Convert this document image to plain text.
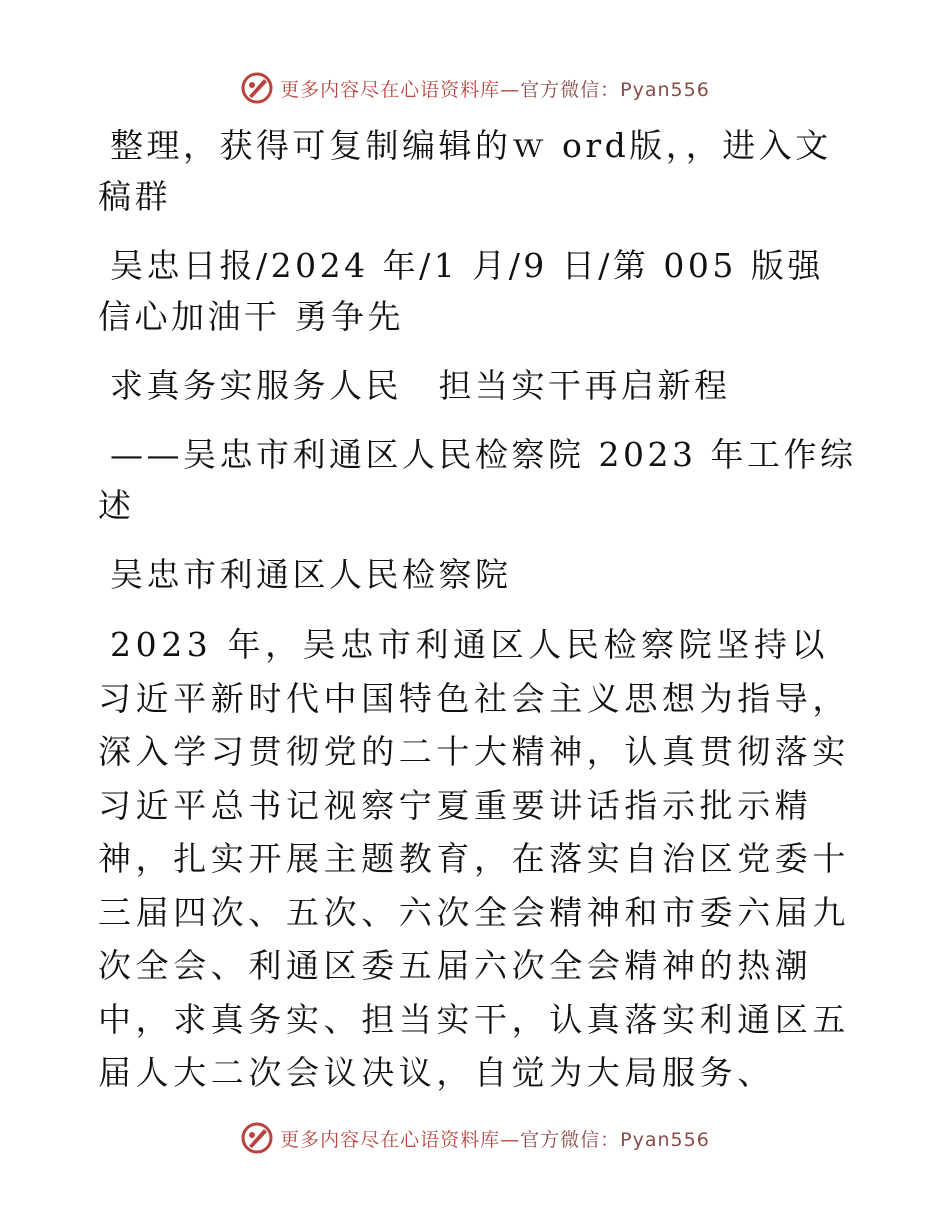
更多内容尽在心语资料库—官方微信：Pyan556

整理，获得可复制编辑的ｗ ord版，，进入文稿群

吴忠日报/2024 年/1 月/9 日/第 005 版强信心加油干 勇争先

求真务实服务人民　担当实干再启新程

——吴忠市利通区人民检察院 2023 年工作综述

吴忠市利通区人民检察院

2023 年，吴忠市利通区人民检察院坚持以习近平新时代中国特色社会主义思想为指导，深入学习贯彻党的二十大精神，认真贯彻落实习近平总书记视察宁夏重要讲话指示批示精神，扎实开展主题教育，在落实自治区党委十三届四次、五次、六次全会精神和市委六届九次全会、利通区委五届六次全会精神的热潮中，求真务实、担当实干，认真落实利通区五届人大二次会议决议，自觉为大局服务、

更多内容尽在心语资料库—官方微信：Pyan556
